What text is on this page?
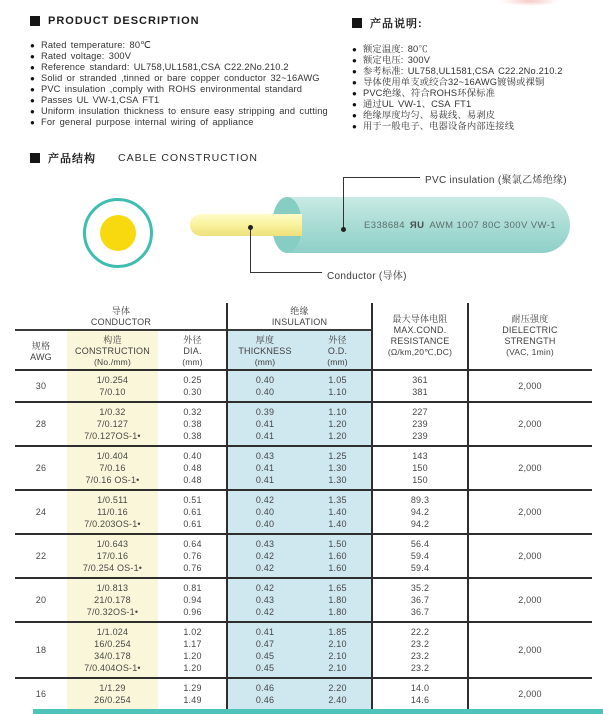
PRODUCT DESCRIPTION
● Rated temperature: 80℃
● Rated voltage: 300V
● Reference standard: UL758,UL1581,CSA C22.2No.210.2
● Solid or stranded ,tinned or bare copper conductor 32~16AWG
● PVC insulation ,comply with ROHS environmental standard
● Passes UL VW-1,CSA FT1
● Uniform insulation thickness to ensure easy stripping and cutting
● For general purpose internal wiring of appliance
产品说明:
● 额定温度: 80℃
● 额定电压: 300V
● 参考标准: UL758,UL1581,CSA C22.2No.210.2
● 导体使用单支或绞合32~16AWG镀锡或裸铜
● PVC绝缘、符合ROHS环保标准
● 通过UL VW-1、CSA FT1
● 绝缘厚度均匀、易裁线、易剥皮
● 用于一般电子、电器设备内部连接线
产品结构 CABLE CONSTRUCTION
E338684 ЯU AWM 1007 80C 300V VW-1
PVC insulation (聚氯乙烯绝缘)
Conductor (导体)
导体
CONDUCTOR
绝缘
INSULATION
规格
AWG
构造
CONSTRUCTION
(No./mm)
外径
DIA.
(mm)
厚度
THICKNESS
(mm)
外径
O.D.
(mm)
最大导体电阻
MAX.COND.
RESISTANCE
(Ω/km,20℃,DC)
耐压强度
DIELECTRIC
STRENGTH
(VAC, 1min)
30
1/0.254
7/0.10
0.25
0.30
0.40
0.40
1.05
1.10
361
381
2,000
28
1/0.32
7/0.127
7/0.127OS-1•
0.32
0.38
0.38
0.39
0.41
0.41
1.10
1.20
1.20
227
239
239
2,000
26
1/0.404
7/0.16
7/0.16 OS-1•
0.40
0.48
0.48
0.43
0.41
0.41
1.25
1.30
1.30
143
150
150
2,000
24
1/0.511
11/0.16
7/0.203OS-1•
0.51
0.61
0.61
0.42
0.40
0.40
1.35
1.40
1.40
89.3
94.2
94.2
2,000
22
1/0.643
17/0.16
7/0.254 OS-1•
0.64
0.76
0.76
0.43
0.42
0.42
1.50
1.60
1.60
56.4
59.4
59.4
2,000
20
1/0.813
21/0.178
7/0.32OS-1•
0.81
0.94
0.96
0.42
0.43
0.42
1.65
1.80
1.80
35.2
36.7
36.7
2,000
18
1/1.024
16/0.254
34/0.178
7/0.404OS-1•
1.02
1.17
1.20
1.20
0.41
0.47
0.45
0.45
1.85
2.10
2.10
2.10
22.2
23.2
23.2
23.2
2,000
16
1/1.29
26/0.254
1.29
1.49
0.46
0.46
2.20
2.40
14.0
14.6
2,000
